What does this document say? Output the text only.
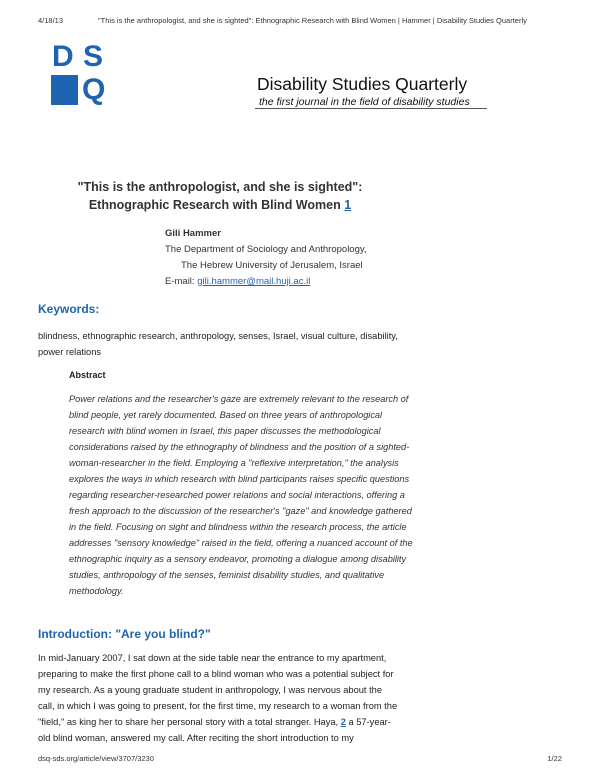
4/18/13	"This is the anthropologist, and she is sighted": Ethnographic Research with Blind Women | Hammer | Disability Studies Quarterly
D S
Q	Disability Studies Quarterly
the first journal in the field of disability studies
"This is the anthropologist, and she is sighted":
Ethnographic Research with Blind Women 1
Gili Hammer
The Department of Sociology and Anthropology,
The Hebrew University of Jerusalem, Israel
E-mail: gili.hammer@mail.huji.ac.il
Keywords:

blindness, ethnographic research, anthropology, senses, Israel, visual culture, disability, power relations

Abstract

Power relations and the researcher's gaze are extremely relevant to the research of blind people, yet rarely documented. Based on three years of anthropological research with blind women in Israel, this paper discusses the methodological considerations raised by the ethnography of blindness and the position of a sighted-woman-researcher in the field. Employing a "reflexive interpretation," the analysis explores the ways in which research with blind participants raises specific questions regarding researcher-researched power relations and social interactions, offering a fresh approach to the discussion of the researcher's "gaze" and knowledge gathered in the field. Focusing on sight and blindness within the research process, the article addresses "sensory knowledge" raised in the field, offering a nuanced account of the ethnographic inquiry as a sensory endeavor, promoting a dialogue among disability studies, anthropology of the senses, feminist disability studies, and qualitative methodology.

Introduction: "Are you blind?"

In mid-January 2007, I sat down at the side table near the entrance to my apartment, preparing to make the first phone call to a blind woman who was a potential subject for my research. As a young graduate student in anthropology, I was nervous about the call, in which I was going to present, for the first time, my research to a woman from the "field," as king her to share her personal story with a total stranger. Haya, 2 a 57-year-old blind woman, answered my call. After reciting the short introduction to my

dsq-sds.org/article/view/3707/3230	1/22
